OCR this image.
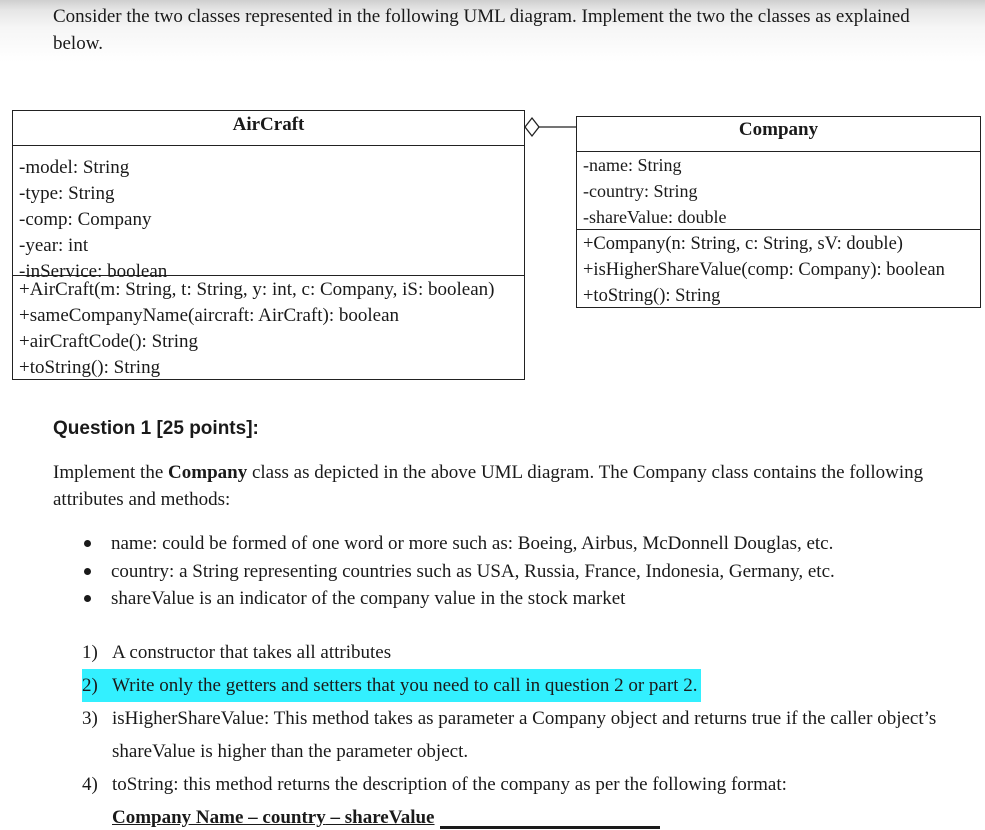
Consider the two classes represented in the following UML diagram. Implement the two the classes as explained below.

AirCraft
-model: String
-type: String
-comp: Company
-year: int
-inService: boolean
+AirCraft(m: String, t: String, y: int, c: Company, iS: boolean)
+sameCompanyName(aircraft: AirCraft): boolean
+airCraftCode(): String
+toString(): String
Company
-name: String
-country: String
-shareValue: double
+Company(n: String, c: String, sV: double)
+isHigherShareValue(comp: Company): boolean
+toString(): String
Question 1 [25 points]:

Implement the Company class as depicted in the above UML diagram. The Company class contains the following attributes and methods:

name: could be formed of one word or more such as: Boeing, Airbus, McDonnell Douglas, etc.
country: a String representing countries such as USA, Russia, France, Indonesia, Germany, etc.
shareValue is an indicator of the company value in the stock market
1) A constructor that takes all attributes
2) Write only the getters and setters that you need to call in question 2 or part 2.
3) isHigherShareValue: This method takes as parameter a Company object and returns true if the caller object’s shareValue is higher than the parameter object.
4) toString: this method returns the description of the company as per the following format:

Company Name – country – shareValue
